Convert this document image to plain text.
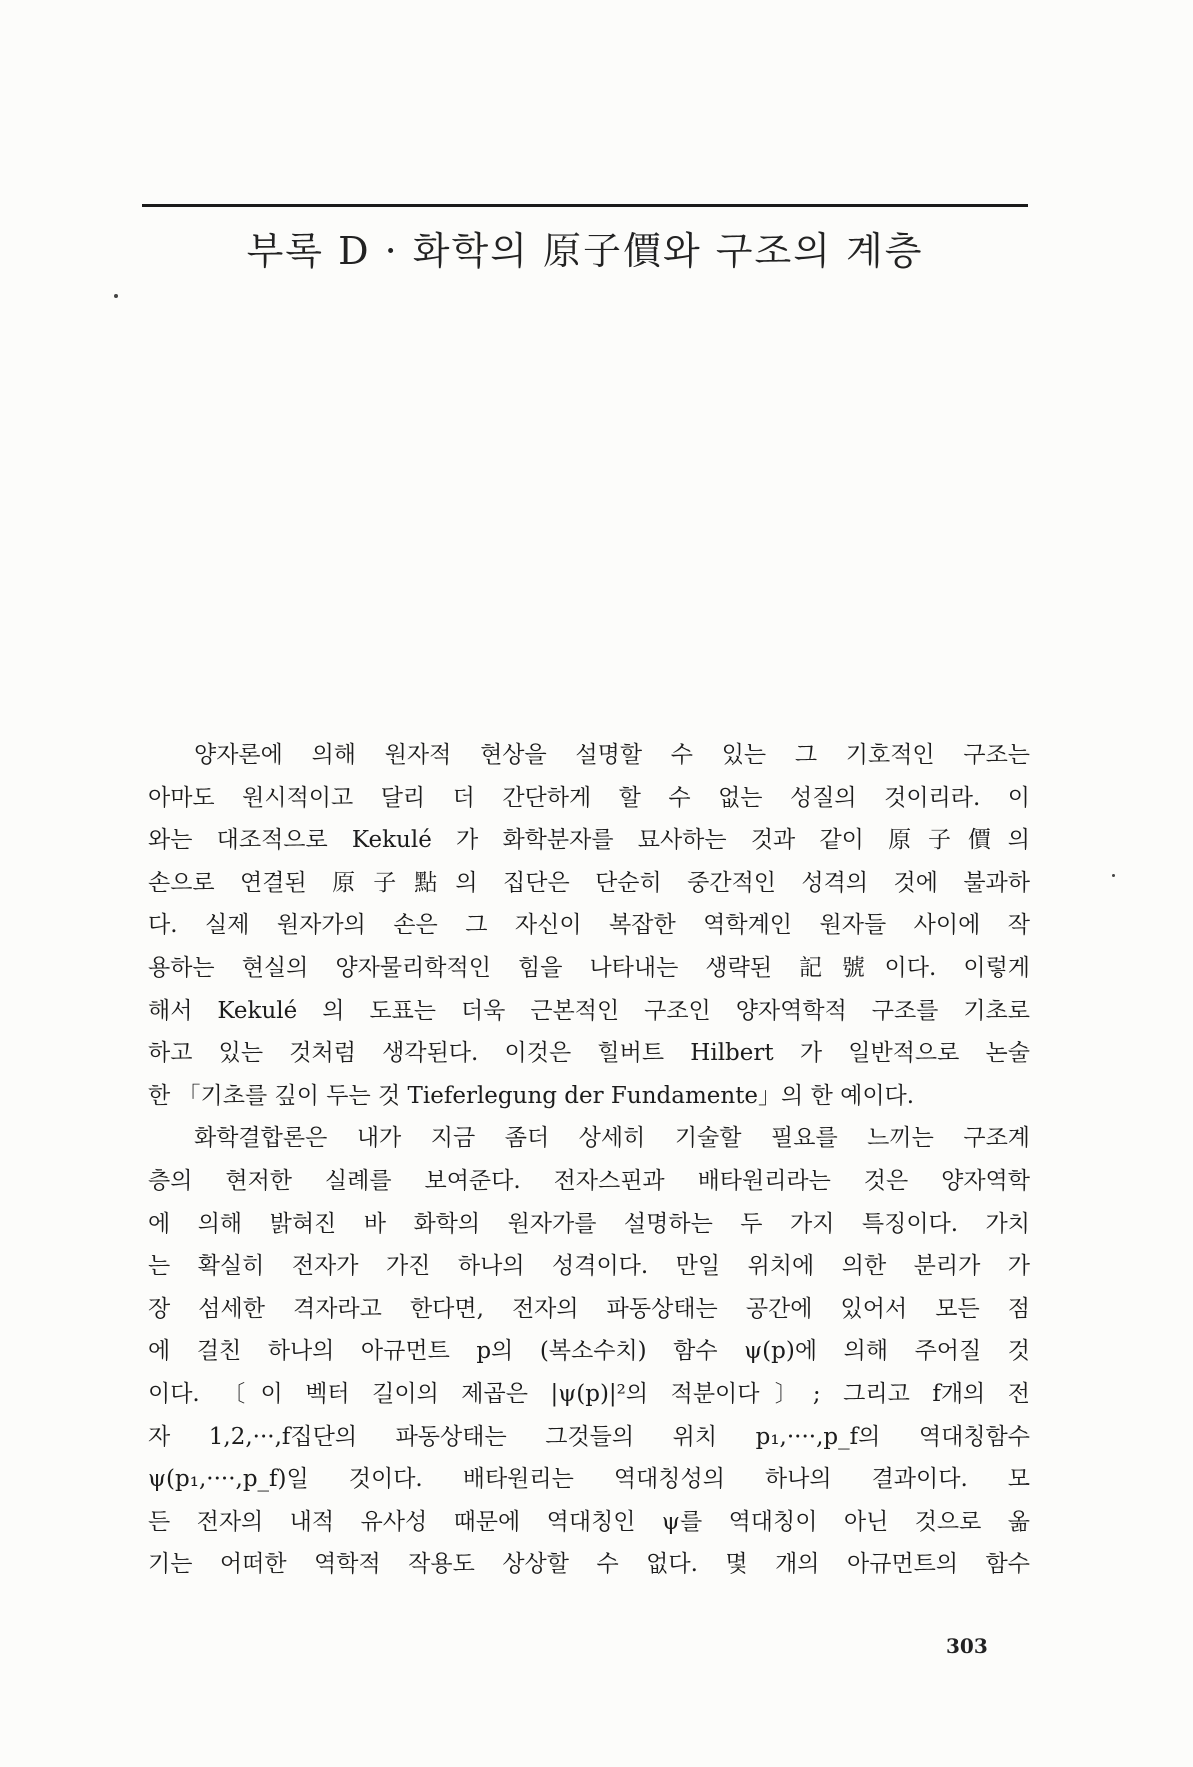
부록 D · 화학의 原子價와 구조의 계층
양자론에 의해 원자적 현상을 설명할 수 있는 그 기호적인 구조는
아마도 원시적이고 달리 더 간단하게 할 수 없는 성질의 것이리라. 이
와는 대조적으로 Kekulé 가 화학분자를 묘사하는 것과 같이 原子價의
손으로 연결된 原子點의 집단은 단순히 중간적인 성격의 것에 불과하
다. 실제 원자가의 손은 그 자신이 복잡한 역학계인 원자들 사이에 작
용하는 현실의 양자물리학적인 힘을 나타내는 생략된 記號이다. 이렇게
해서 Kekulé 의 도표는 더욱 근본적인 구조인 양자역학적 구조를 기초로
하고 있는 것처럼 생각된다. 이것은 힐버트 Hilbert 가 일반적으로 논술
한 「기초를 깊이 두는 것 Tieferlegung der Fundamente」의 한 예이다.
화학결합론은 내가 지금 좀더 상세히 기술할 필요를 느끼는 구조계
층의 현저한 실례를 보여준다. 전자스핀과 배타원리라는 것은 양자역학
에 의해 밝혀진 바 화학의 원자가를 설명하는 두 가지 특징이다. 가치
는 확실히 전자가 가진 하나의 성격이다. 만일 위치에 의한 분리가 가
장 섬세한 격자라고 한다면, 전자의 파동상태는 공간에 있어서 모든 점
에 걸친 하나의 아규먼트 p의 (복소수치) 함수 ψ(p)에 의해 주어질 것
이다. 〔이 벡터 길이의 제곱은 |ψ(p)|²의 적분이다〕; 그리고 f개의 전
자 1,2,···,f집단의 파동상태는 그것들의 위치 p₁,····,p_f의 역대칭함수
ψ(p₁,····,p_f)일 것이다. 배타원리는 역대칭성의 하나의 결과이다. 모
든 전자의 내적 유사성 때문에 역대칭인 ψ를 역대칭이 아닌 것으로 옮
기는 어떠한 역학적 작용도 상상할 수 없다. 몇 개의 아규먼트의 함수
303
